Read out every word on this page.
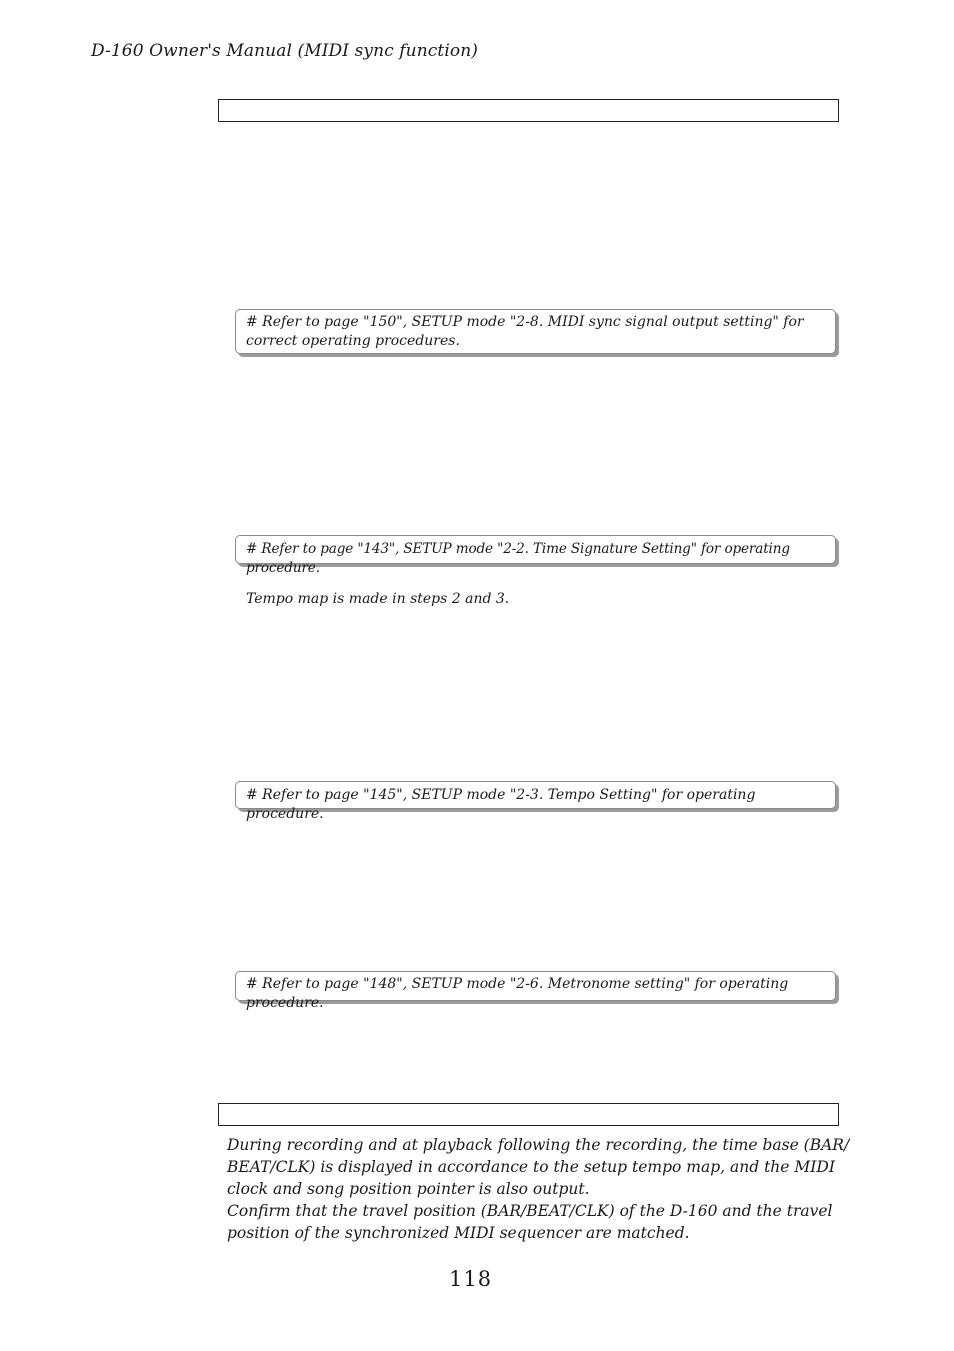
D-160 Owner's Manual (MIDI sync function)
# Refer to page "150", SETUP mode "2-8. MIDI sync signal output setting" for correct operating procedures.
# Refer to page "143", SETUP mode "2-2. Time Signature Setting" for operating procedure.
Tempo map is made in steps 2 and 3.
# Refer to page "145", SETUP mode "2-3. Tempo Setting" for operating procedure.
# Refer to page "148", SETUP mode "2-6. Metronome setting" for operating procedure.

During recording and at playback following the recording, the time base (BAR/ BEAT/CLK) is displayed in accordance to the setup tempo map, and the MIDI clock and song position pointer is also output.

Confirm that the travel position (BAR/BEAT/CLK) of the D-160 and the travel position of the synchronized MIDI sequencer are matched.

118
